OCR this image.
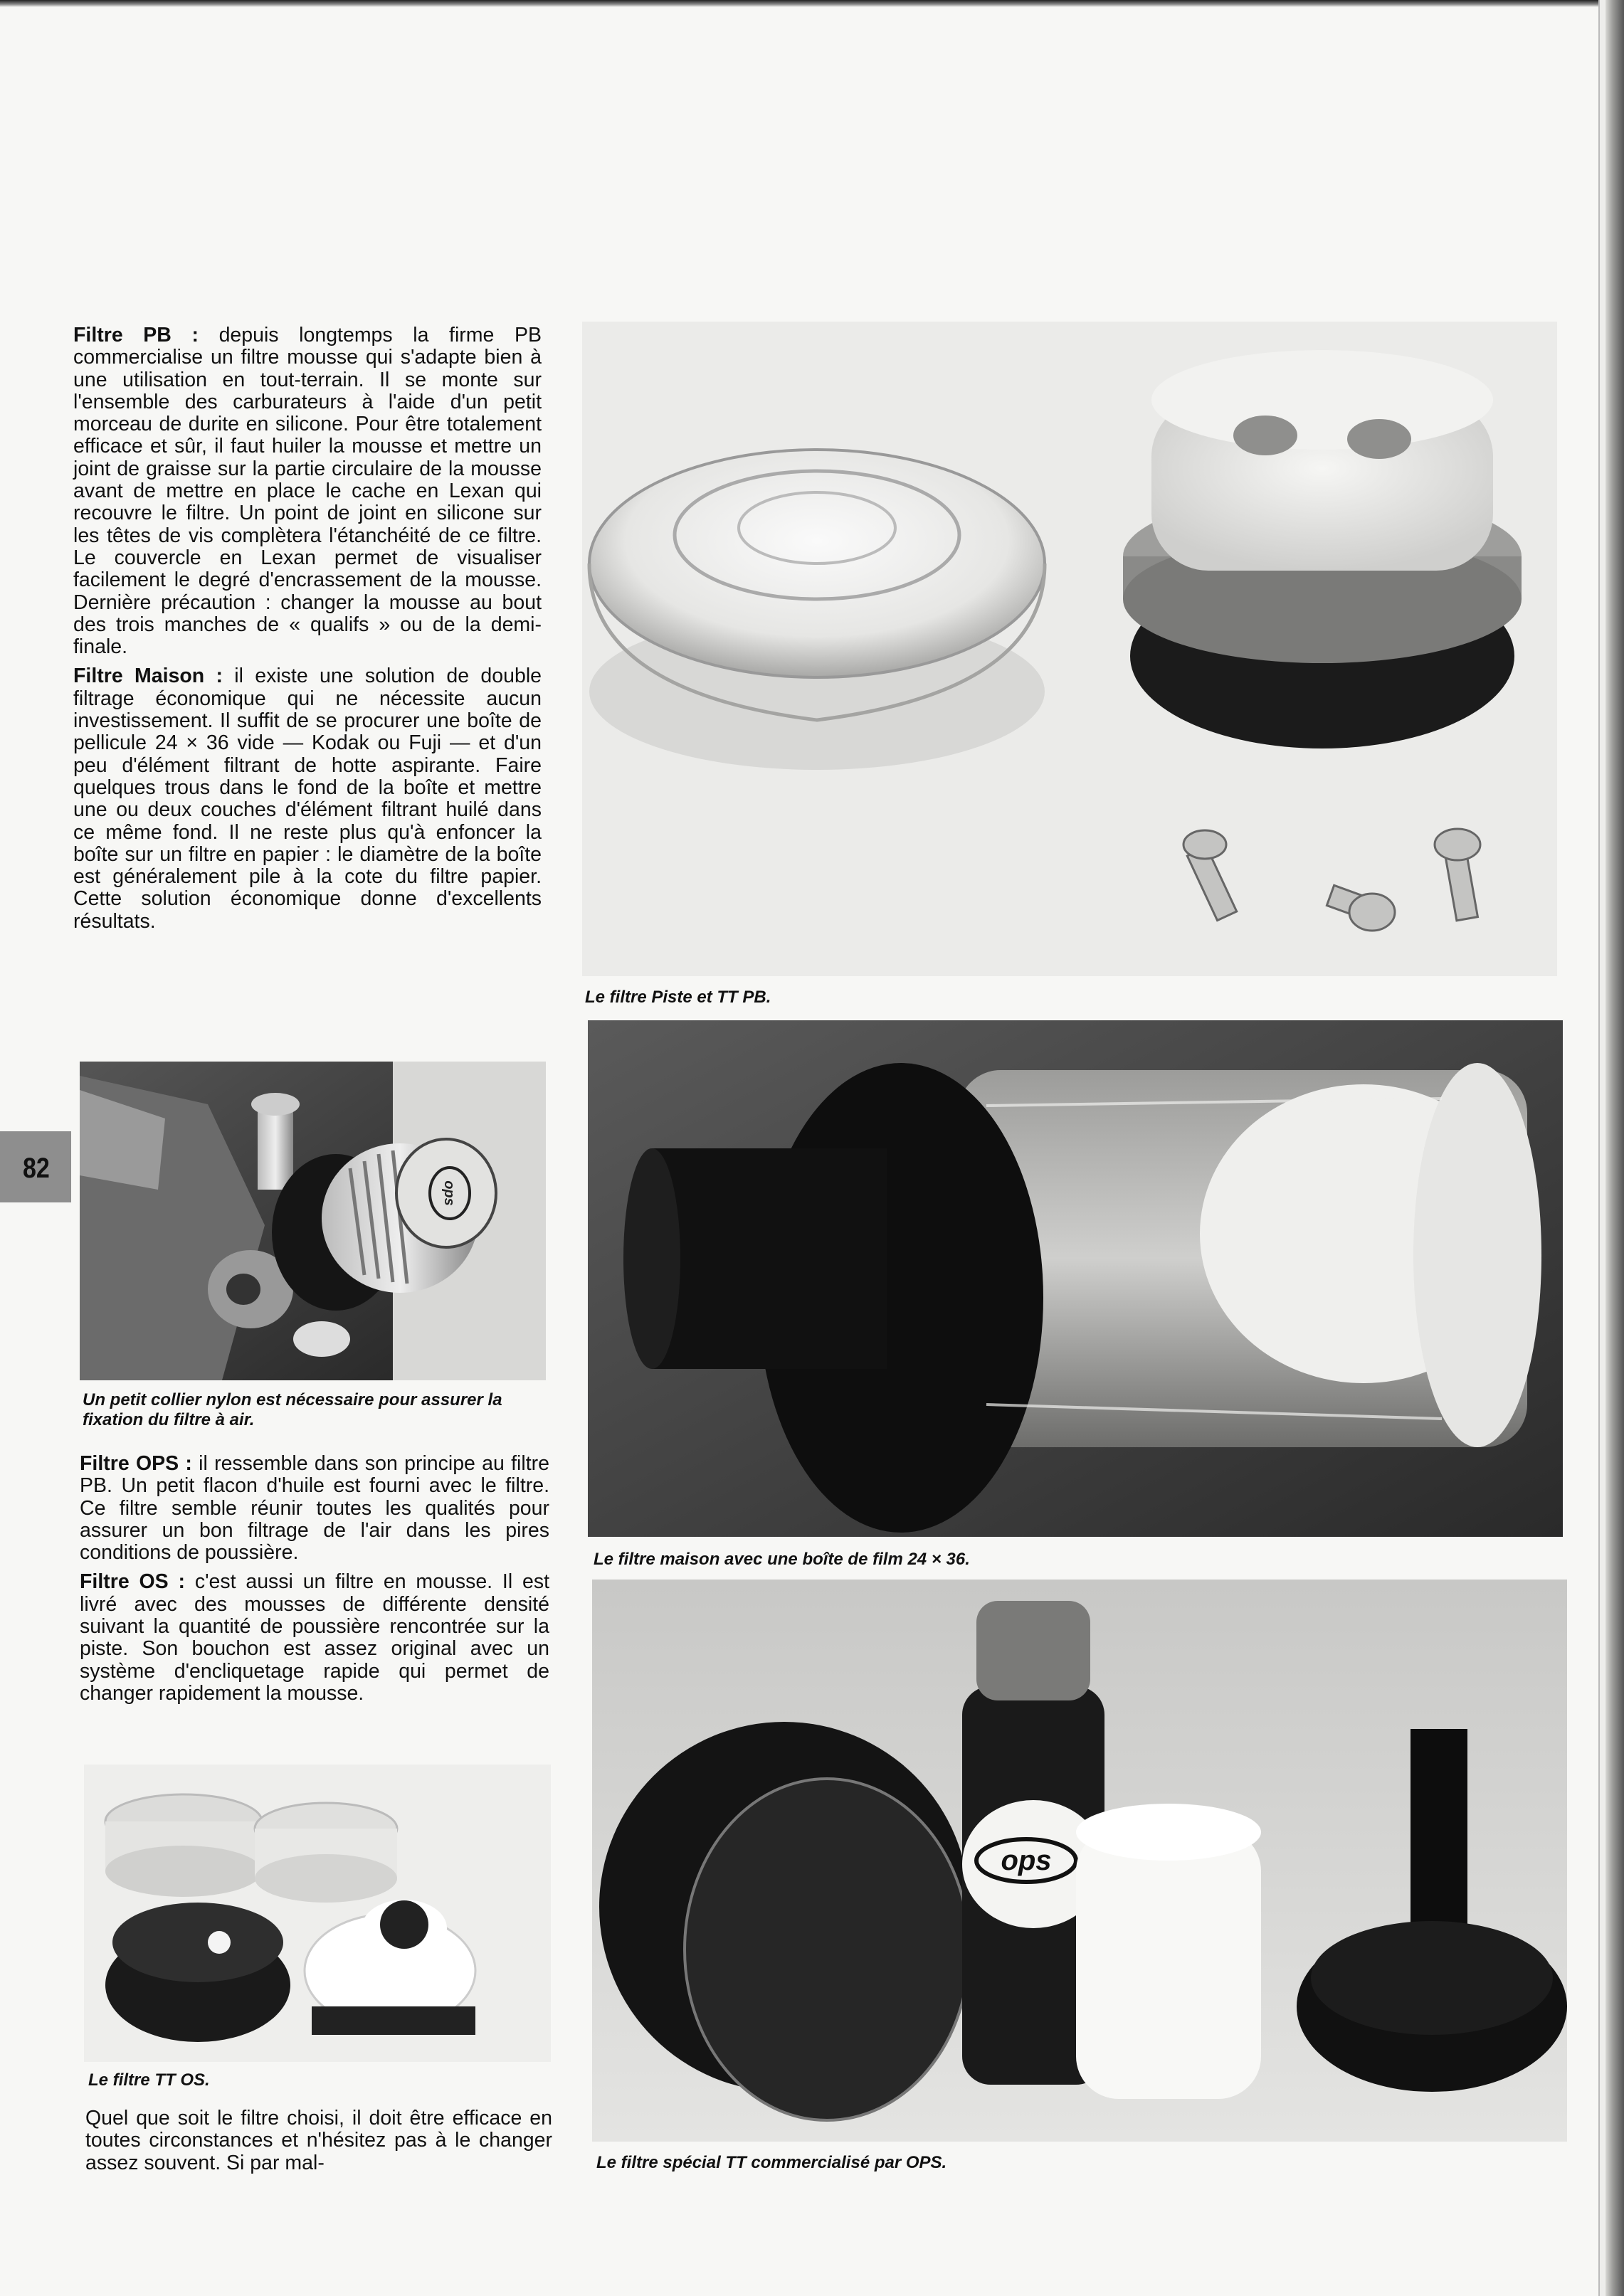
Filtre PB : depuis longtemps la firme PB commercialise un filtre mousse qui s'adapte bien à une utilisation en tout-terrain. Il se monte sur l'ensemble des carburateurs à l'aide d'un petit morceau de durite en silicone. Pour être totalement efficace et sûr, il faut huiler la mousse et mettre un joint de graisse sur la partie circulaire de la mousse avant de mettre en place le cache en Lexan qui recouvre le filtre. Un point de joint en silicone sur les têtes de vis complètera l'étanchéité de ce filtre. Le couvercle en Lexan permet de visualiser facilement le degré d'encrassement de la mousse. Dernière précaution : changer la mousse au bout des trois manches de « qualifs » ou de la demi-finale.

Filtre Maison : il existe une solution de double filtrage économique qui ne nécessite aucun investissement. Il suffit de se procurer une boîte de pellicule 24 × 36 vide — Kodak ou Fuji — et d'un peu d'élément filtrant de hotte aspirante. Faire quelques trous dans le fond de la boîte et mettre une ou deux couches d'élément filtrant huilé dans ce même fond. Il ne reste plus qu'à enfoncer la boîte sur un filtre en papier : le diamètre de la boîte est généralement pile à la cote du filtre papier. Cette solution économique donne d'excellents résultats.

82
ops
Un petit collier nylon est nécessaire pour assurer la fixation du filtre à air.

Filtre OPS : il ressemble dans son principe au filtre PB. Un petit flacon d'huile est fourni avec le filtre. Ce filtre semble réunir toutes les qualités pour assurer un bon filtrage de l'air dans les pires conditions de poussière.

Filtre OS : c'est aussi un filtre en mousse. Il est livré avec des mousses de différente densité suivant la quantité de poussière rencontrée sur la piste. Son bouchon est assez original avec un système d'encliquetage rapide qui permet de changer rapidement la mousse.

Le filtre TT OS.

Quel que soit le filtre choisi, il doit être efficace en toutes circonstances et n'hésitez pas à le changer assez souvent. Si par mal-

Le filtre Piste et TT PB.
Le filtre maison avec une boîte de film 24 × 36.
ops
Le filtre spécial TT commercialisé par OPS.
